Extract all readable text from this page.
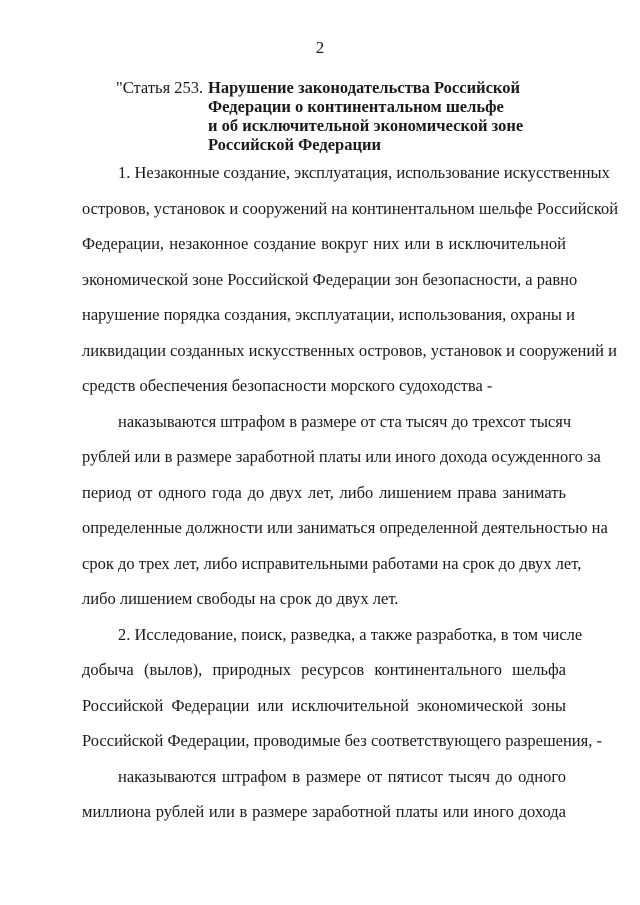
2
"Статья 253. Нарушение законодательства Российской
Федерации о континентальном шельфе
и об исключительной экономической зоне
Российской Федерации
1. Незаконные создание, эксплуатация, использование искусственных
островов, установок и сооружений на континентальном шельфе Российской
Федерации, незаконное создание вокруг них или в исключительной
экономической зоне Российской Федерации зон безопасности, а равно
нарушение порядка создания, эксплуатации, использования, охраны и
ликвидации созданных искусственных островов, установок и сооружений и
средств обеспечения безопасности морского судоходства -
наказываются штрафом в размере от ста тысяч до трехсот тысяч
рублей или в размере заработной платы или иного дохода осужденного за
период от одного года до двух лет, либо лишением права занимать
определенные должности или заниматься определенной деятельностью на
срок до трех лет, либо исправительными работами на срок до двух лет,
либо лишением свободы на срок до двух лет.
2. Исследование, поиск, разведка, а также разработка, в том числе
добыча (вылов), природных ресурсов континентального шельфа
Российской Федерации или исключительной экономической зоны
Российской Федерации, проводимые без соответствующего разрешения, -
наказываются штрафом в размере от пятисот тысяч до одного
миллиона рублей или в размере заработной платы или иного дохода
